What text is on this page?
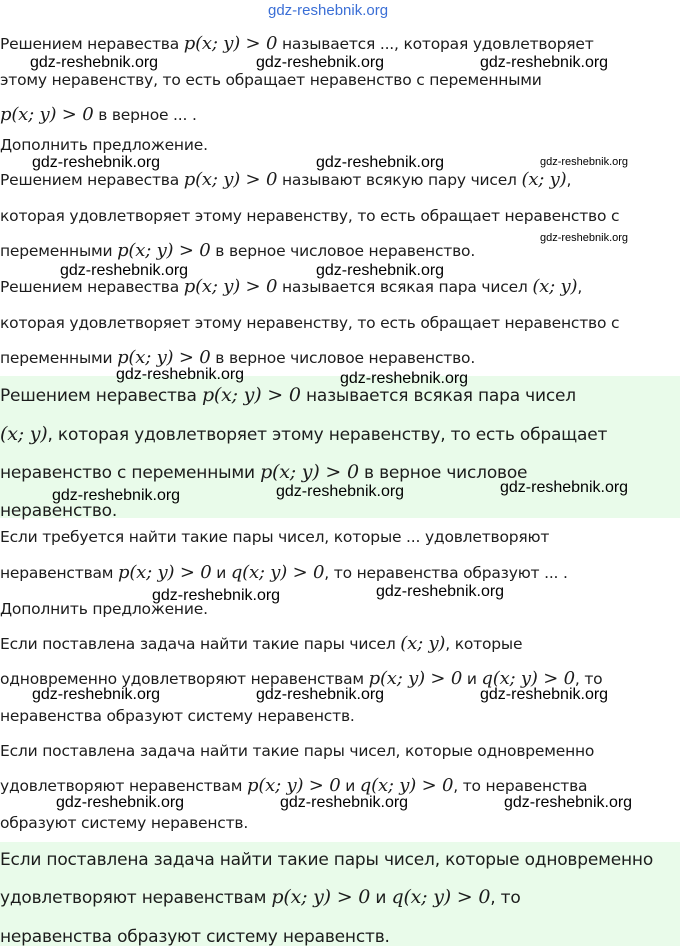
Решением неравества p(x; y) > 0 называется ..., которая удовлетворяет
этому неравенству, то есть обращает неравенство с переменными
p(x; y) > 0 в верное ... .
Дополнить предложение.
Решением неравества p(x; y) > 0 называют всякую пару чисел (x; y),
которая удовлетворяет этому неравенству, то есть обращает неравенство с
переменными p(x; y) > 0 в верное числовое неравенство.
Решением неравества p(x; y) > 0 называется всякая пара чисел (x; y),
которая удовлетворяет этому неравенству, то есть обращает неравенство с
переменными p(x; y) > 0 в верное числовое неравенство.
Решением неравества p(x; y) > 0 называется всякая пара чисел
(x; y), которая удовлетворяет этому неравенству, то есть обращает
неравенство с переменными p(x; y) > 0 в верное числовое
неравенство.
Если требуется найти такие пары чисел, которые ... удовлетворяют
неравенствам p(x; y) > 0 и q(x; y) > 0, то неравенства образуют ... .
Дополнить предложение.
Если поставлена задача найти такие пары чисел (x; y), которые
одновременно удовлетворяют неравенствам p(x; y) > 0 и q(x; y) > 0, то
неравенства образуют систему неравенств.
Если поставлена задача найти такие пары чисел, которые одновременно
удовлетворяют неравенствам p(x; y) > 0 и q(x; y) > 0, то неравенства
образуют систему неравенств.
Если поставлена задача найти такие пары чисел, которые одновременно
удовлетворяют неравенствам p(x; y) > 0 и q(x; y) > 0, то
неравенства образуют систему неравенств.
gdz-reshebnik.org
gdz-reshebnik.org	gdz-reshebnik.org	gdz-reshebnik.org
gdz-reshebnik.org	gdz-reshebnik.org	gdz-reshebnik.org
gdz-reshebnik.org
gdz-reshebnik.org	gdz-reshebnik.org
gdz-reshebnik.org	gdz-reshebnik.org
gdz-reshebnik.org	gdz-reshebnik.org	gdz-reshebnik.org
gdz-reshebnik.org	gdz-reshebnik.org
gdz-reshebnik.org	gdz-reshebnik.org	gdz-reshebnik.org
gdz-reshebnik.org	gdz-reshebnik.org	gdz-reshebnik.org
